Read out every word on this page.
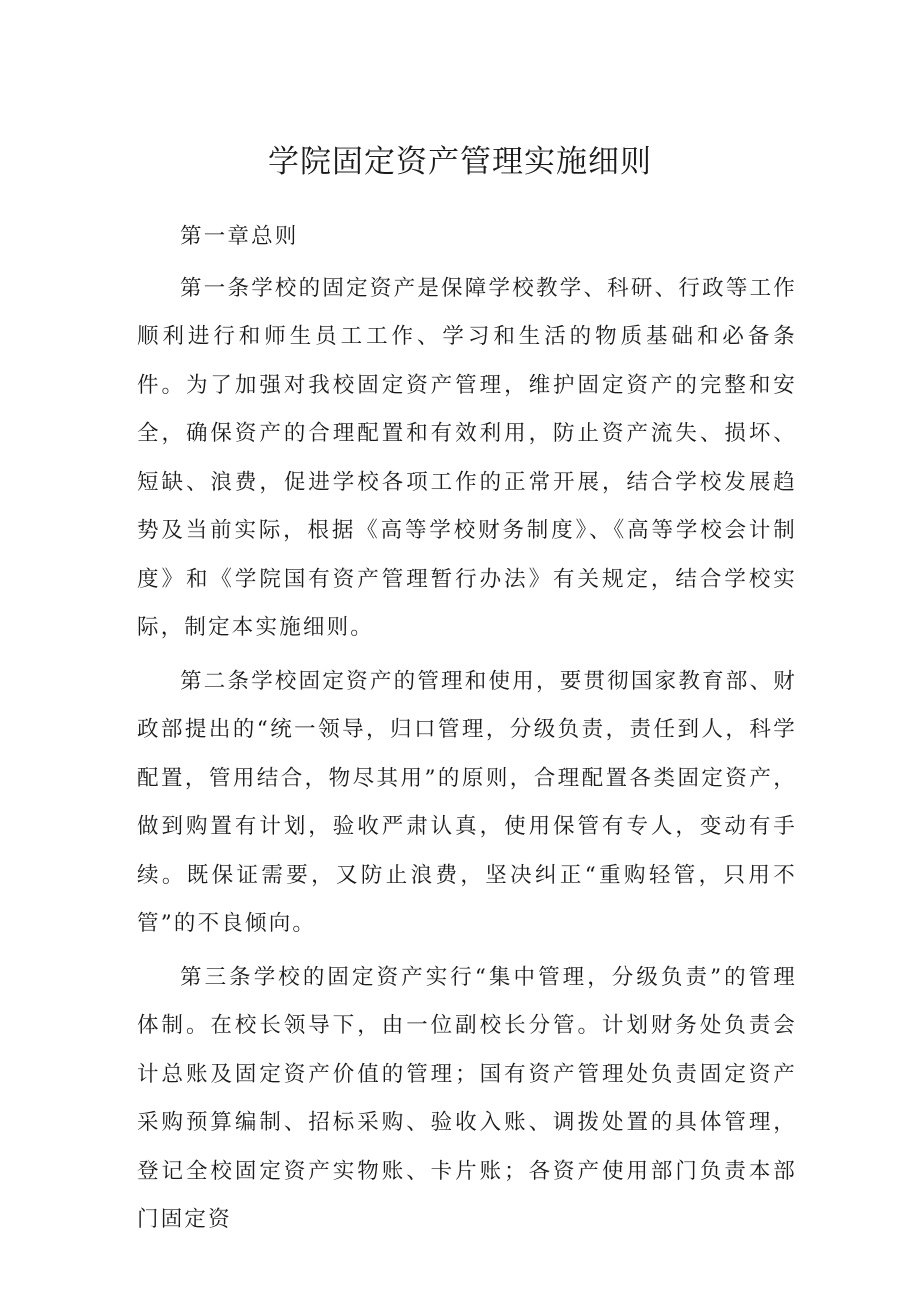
学院固定资产管理实施细则

第一章总则

第一条学校的固定资产是保障学校教学、科研、行政等工作顺利进行和师生员工工作、学习和生活的物质基础和必备条件。为了加强对我校固定资产管理，维护固定资产的完整和安全，确保资产的合理配置和有效利用，防止资产流失、损坏、短缺、浪费，促进学校各项工作的正常开展，结合学校发展趋势及当前实际，根据《高等学校财务制度》、《高等学校会计制度》和《学院国有资产管理暂行办法》有关规定，结合学校实际，制定本实施细则。

第二条学校固定资产的管理和使用，要贯彻国家教育部、财政部提出的“统一领导，归口管理，分级负责，责任到人，科学配置，管用结合，物尽其用”的原则，合理配置各类固定资产，做到购置有计划，验收严肃认真，使用保管有专人，变动有手续。既保证需要，又防止浪费，坚决纠正“重购轻管，只用不管”的不良倾向。

第三条学校的固定资产实行“集中管理，分级负责”的管理体制。在校长领导下，由一位副校长分管。计划财务处负责会计总账及固定资产价值的管理；国有资产管理处负责固定资产采购预算编制、招标采购、验收入账、调拨处置的具体管理，登记全校固定资产实物账、卡片账；各资产使用部门负责本部门固定资
